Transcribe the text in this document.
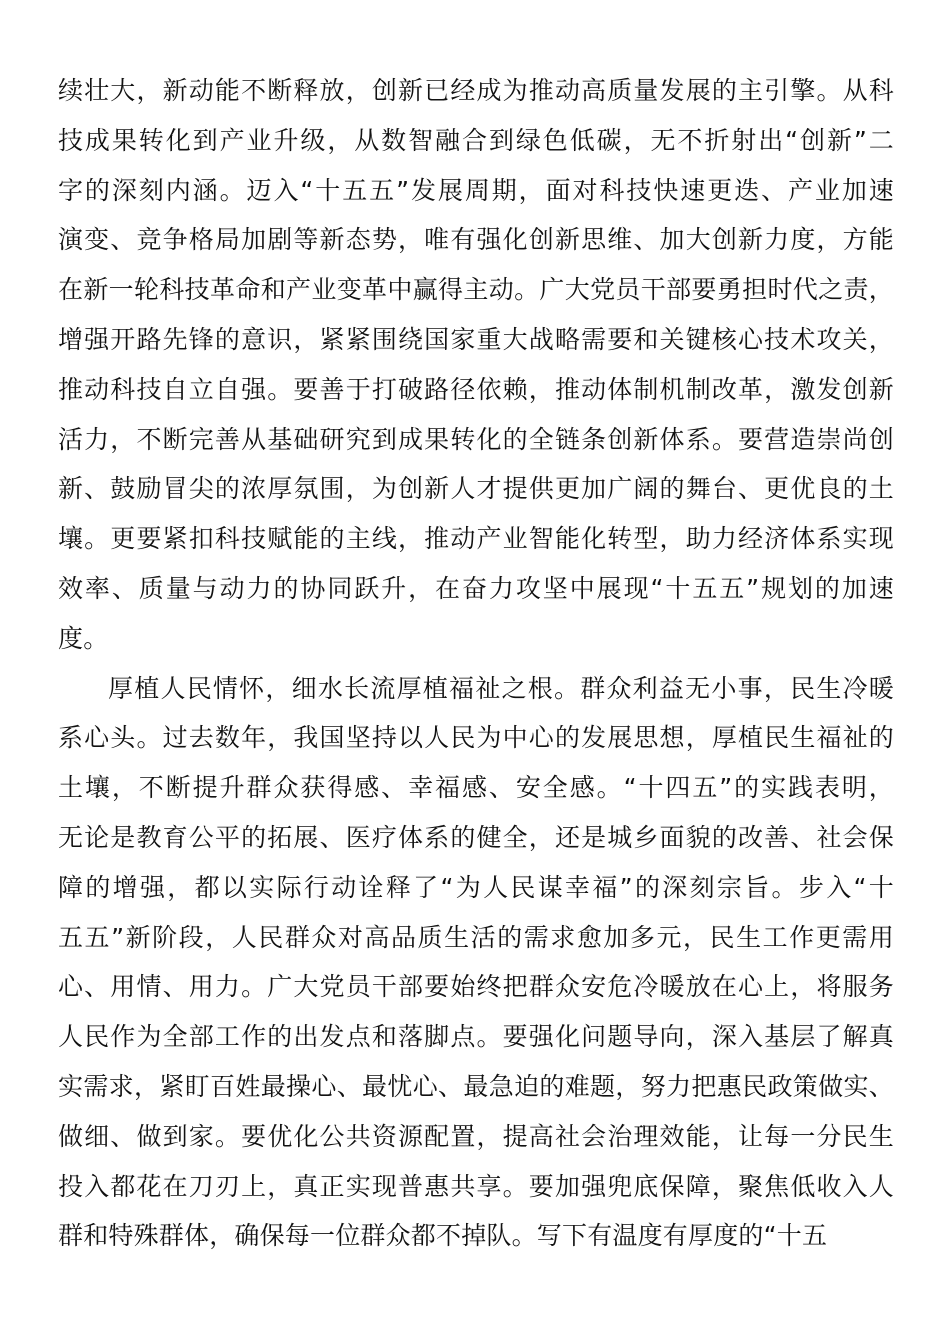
续壮大，新动能不断释放，创新已经成为推动高质量发展的主引擎。从科
技成果转化到产业升级，从数智融合到绿色低碳，无不折射出“创新”二
字的深刻内涵。迈入“十五五”发展周期，面对科技快速更迭、产业加速
演变、竞争格局加剧等新态势，唯有强化创新思维、加大创新力度，方能
在新一轮科技革命和产业变革中赢得主动。广大党员干部要勇担时代之责，
增强开路先锋的意识，紧紧围绕国家重大战略需要和关键核心技术攻关，
推动科技自立自强。要善于打破路径依赖，推动体制机制改革，激发创新
活力，不断完善从基础研究到成果转化的全链条创新体系。要营造崇尚创
新、鼓励冒尖的浓厚氛围，为创新人才提供更加广阔的舞台、更优良的土
壤。更要紧扣科技赋能的主线，推动产业智能化转型，助力经济体系实现
效率、质量与动力的协同跃升，在奋力攻坚中展现“十五五”规划的加速
度。
厚植人民情怀，细水长流厚植福祉之根。群众利益无小事，民生冷暖
系心头。过去数年，我国坚持以人民为中心的发展思想，厚植民生福祉的
土壤，不断提升群众获得感、幸福感、安全感。“十四五”的实践表明，
无论是教育公平的拓展、医疗体系的健全，还是城乡面貌的改善、社会保
障的增强，都以实际行动诠释了“为人民谋幸福”的深刻宗旨。步入“十
五五”新阶段，人民群众对高品质生活的需求愈加多元，民生工作更需用
心、用情、用力。广大党员干部要始终把群众安危冷暖放在心上，将服务
人民作为全部工作的出发点和落脚点。要强化问题导向，深入基层了解真
实需求，紧盯百姓最操心、最忧心、最急迫的难题，努力把惠民政策做实、
做细、做到家。要优化公共资源配置，提高社会治理效能，让每一分民生
投入都花在刀刃上，真正实现普惠共享。要加强兜底保障，聚焦低收入人
群和特殊群体，确保每一位群众都不掉队。写下有温度有厚度的“十五
